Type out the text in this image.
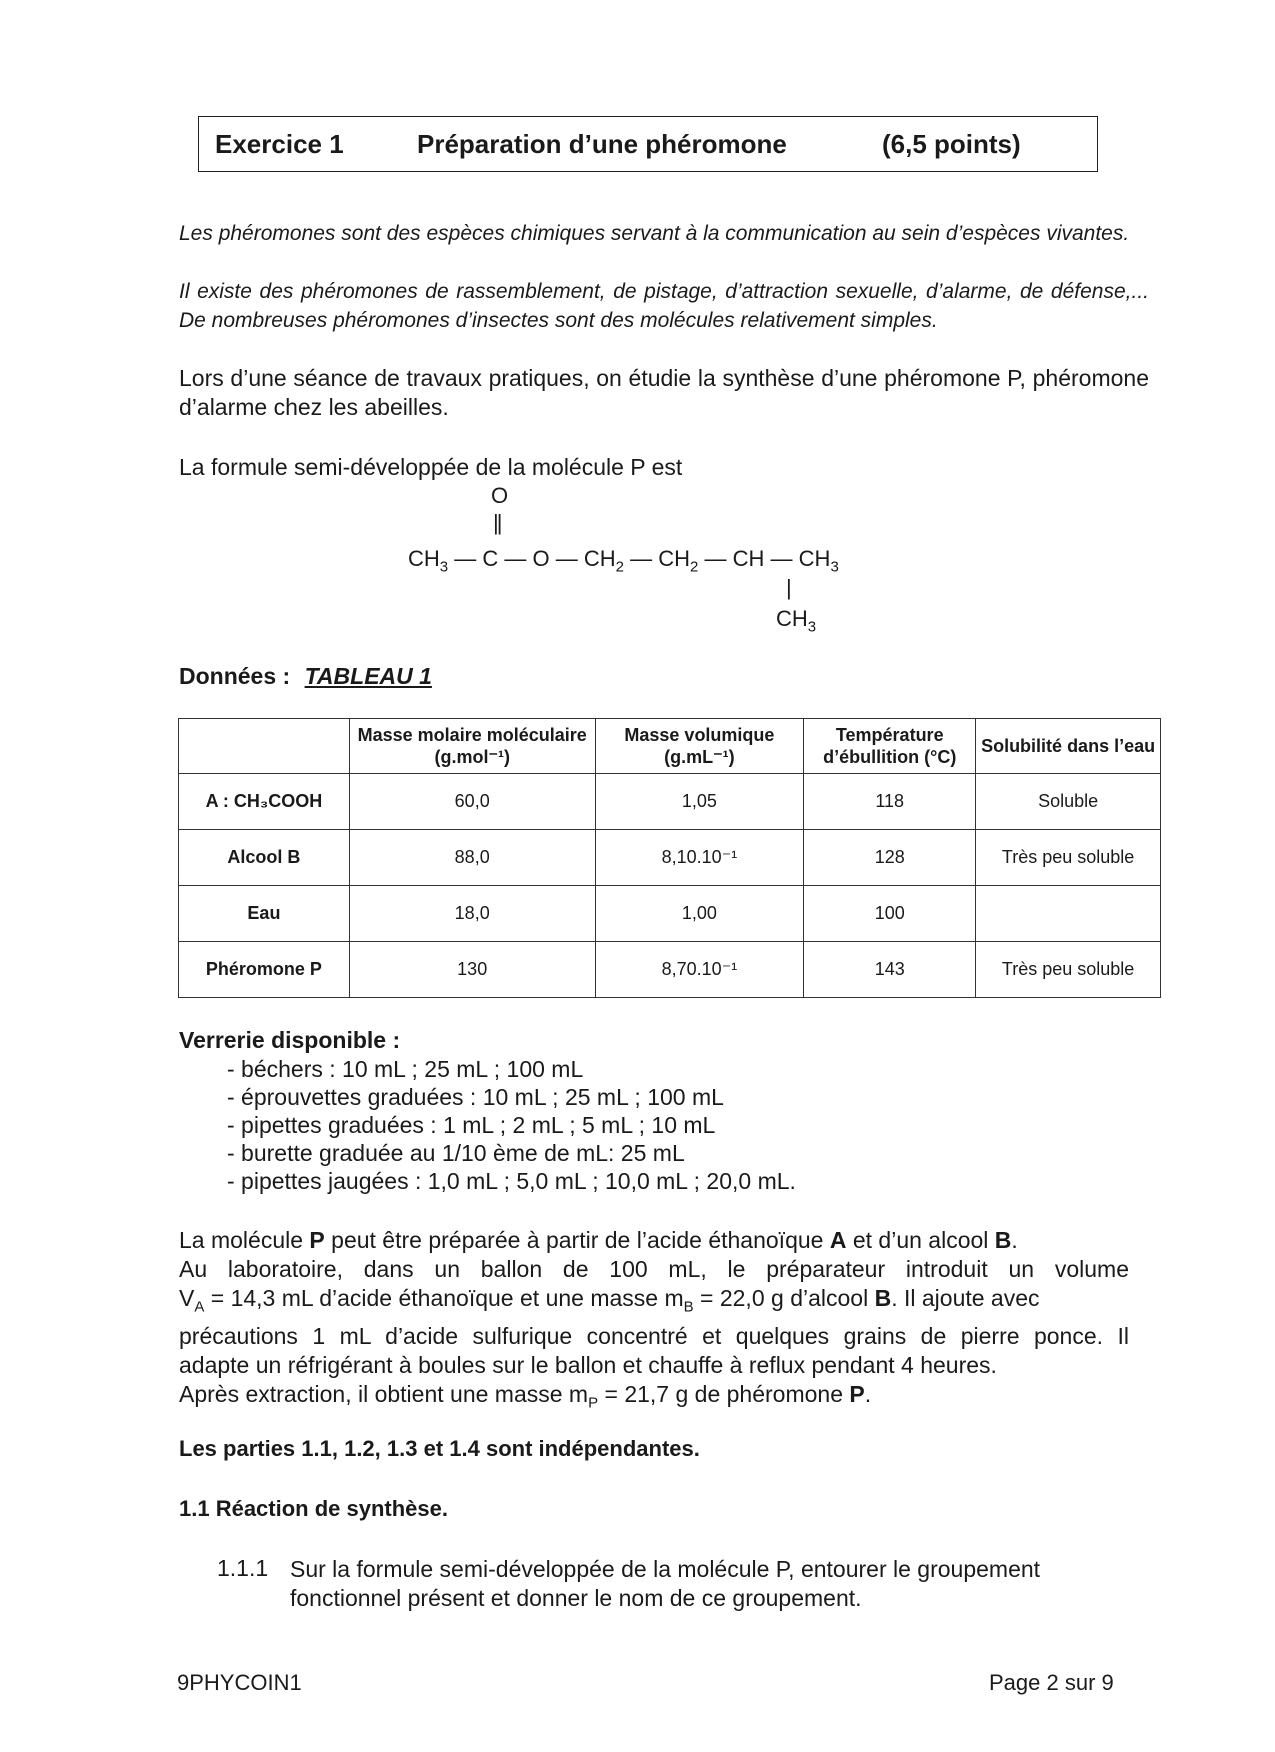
Exercice 1	Préparation d’une phéromone	(6,5 points)
Les phéromones sont des espèces chimiques servant à la communication au sein d’espèces vivantes.
Il existe des phéromones de rassemblement, de pistage, d’attraction sexuelle, d’alarme, de défense,... De nombreuses phéromones d’insectes sont des molécules relativement simples.
Lors d’une séance de travaux pratiques, on étudie la synthèse d’une phéromone P, phéromone d’alarme chez les abeilles.
La formule semi-développée de la molécule P est
O
||
$CH_3$ — C — O — $CH_2$ — $CH_2$ — CH — $CH_3$
|
$CH_3$
Données : TABLEAU 1
	Masse molaire moléculaire (g.mol⁻¹)	Masse volumique (g.mL⁻¹)	Température d’ébullition (°C)	Solubilité dans l’eau
A : CH₃COOH	60,0	1,05	118	Soluble
Alcool B	88,0	8,10.10⁻¹	128	Très peu soluble
Eau	18,0	1,00	100	
Phéromone P	130	8,70.10⁻¹	143	Très peu soluble
Verrerie disponible :
- béchers : 10 mL ; 25 mL ; 100 mL
- éprouvettes graduées : 10 mL ; 25 mL ; 100 mL
- pipettes graduées : 1 mL ; 2 mL ; 5 mL ; 10 mL
- burette graduée au 1/10 ème de mL: 25 mL
- pipettes jaugées : 1,0 mL ; 5,0 mL ; 10,0 mL ; 20,0 mL.
La molécule P peut être préparée à partir de l’acide éthanoïque A et d’un alcool B.
Au laboratoire, dans un ballon de 100 mL, le préparateur introduit un volume
$V_A = 14,3$ mL d’acide éthanoïque et une masse $m_B = 22,0$ g d’alcool B. Il ajoute avec
précautions 1 mL d’acide sulfurique concentré et quelques grains de pierre ponce. Il
adapte un réfrigérant à boules sur le ballon et chauffe à reflux pendant 4 heures.
Après extraction, il obtient une masse $m_P = 21,7$ g de phéromone P.
Les parties 1.1, 1.2, 1.3 et 1.4 sont indépendantes.
1.1 Réaction de synthèse.
1.1.1 Sur la formule semi-développée de la molécule P, entourer le groupement
fonctionnel présent et donner le nom de ce groupement.
9PHYCOIN1	Page 2 sur 9
